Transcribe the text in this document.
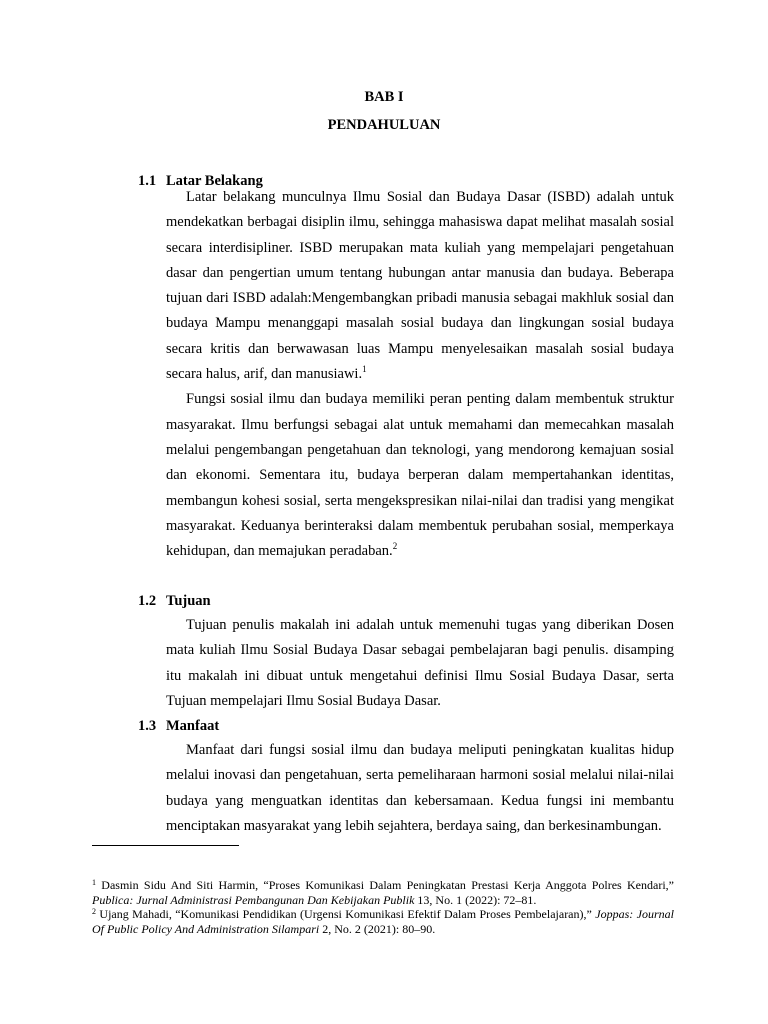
BAB I
PENDAHULUAN
1.1 Latar Belakang

Latar belakang munculnya Ilmu Sosial dan Budaya Dasar (ISBD) adalah untuk mendekatkan berbagai disiplin ilmu, sehingga mahasiswa dapat melihat masalah sosial secara interdisipliner. ISBD merupakan mata kuliah yang mempelajari pengetahuan dasar dan pengertian umum tentang hubungan antar manusia dan budaya. Beberapa tujuan dari ISBD adalah:Mengembangkan pribadi manusia sebagai makhluk sosial dan budaya Mampu menanggapi masalah sosial budaya dan lingkungan sosial budaya secara kritis dan berwawasan luas Mampu menyelesaikan masalah sosial budaya secara halus, arif, dan manusiawi.$^1$

Fungsi sosial ilmu dan budaya memiliki peran penting dalam membentuk struktur masyarakat. Ilmu berfungsi sebagai alat untuk memahami dan memecahkan masalah melalui pengembangan pengetahuan dan teknologi, yang mendorong kemajuan sosial dan ekonomi. Sementara itu, budaya berperan dalam mempertahankan identitas, membangun kohesi sosial, serta mengekspresikan nilai-nilai dan tradisi yang mengikat masyarakat. Keduanya berinteraksi dalam membentuk perubahan sosial, memperkaya kehidupan, dan memajukan peradaban.$^2$

1.2 Tujuan

Tujuan penulis makalah ini adalah untuk memenuhi tugas yang diberikan Dosen mata kuliah Ilmu Sosial Budaya Dasar sebagai pembelajaran bagi penulis. disamping itu makalah ini dibuat untuk mengetahui definisi Ilmu Sosial Budaya Dasar, serta Tujuan mempelajari Ilmu Sosial Budaya Dasar.

1.3 Manfaat

Manfaat dari fungsi sosial ilmu dan budaya meliputi peningkatan kualitas hidup melalui inovasi dan pengetahuan, serta pemeliharaan harmoni sosial melalui nilai-nilai budaya yang menguatkan identitas dan kebersamaan. Kedua fungsi ini membantu menciptakan masyarakat yang lebih sejahtera, berdaya saing, dan berkesinambungan.

$^1$ Dasmin Sidu And Siti Harmin, “Proses Komunikasi Dalam Peningkatan Prestasi Kerja Anggota Polres Kendari,” Publica: Jurnal Administrasi Pembangunan Dan Kebijakan Publik 13, No. 1 (2022): 72–81.

$^2$ Ujang Mahadi, “Komunikasi Pendidikan (Urgensi Komunikasi Efektif Dalam Proses Pembelajaran),” Joppas: Journal Of Public Policy And Administration Silampari 2, No. 2 (2021): 80–90.
